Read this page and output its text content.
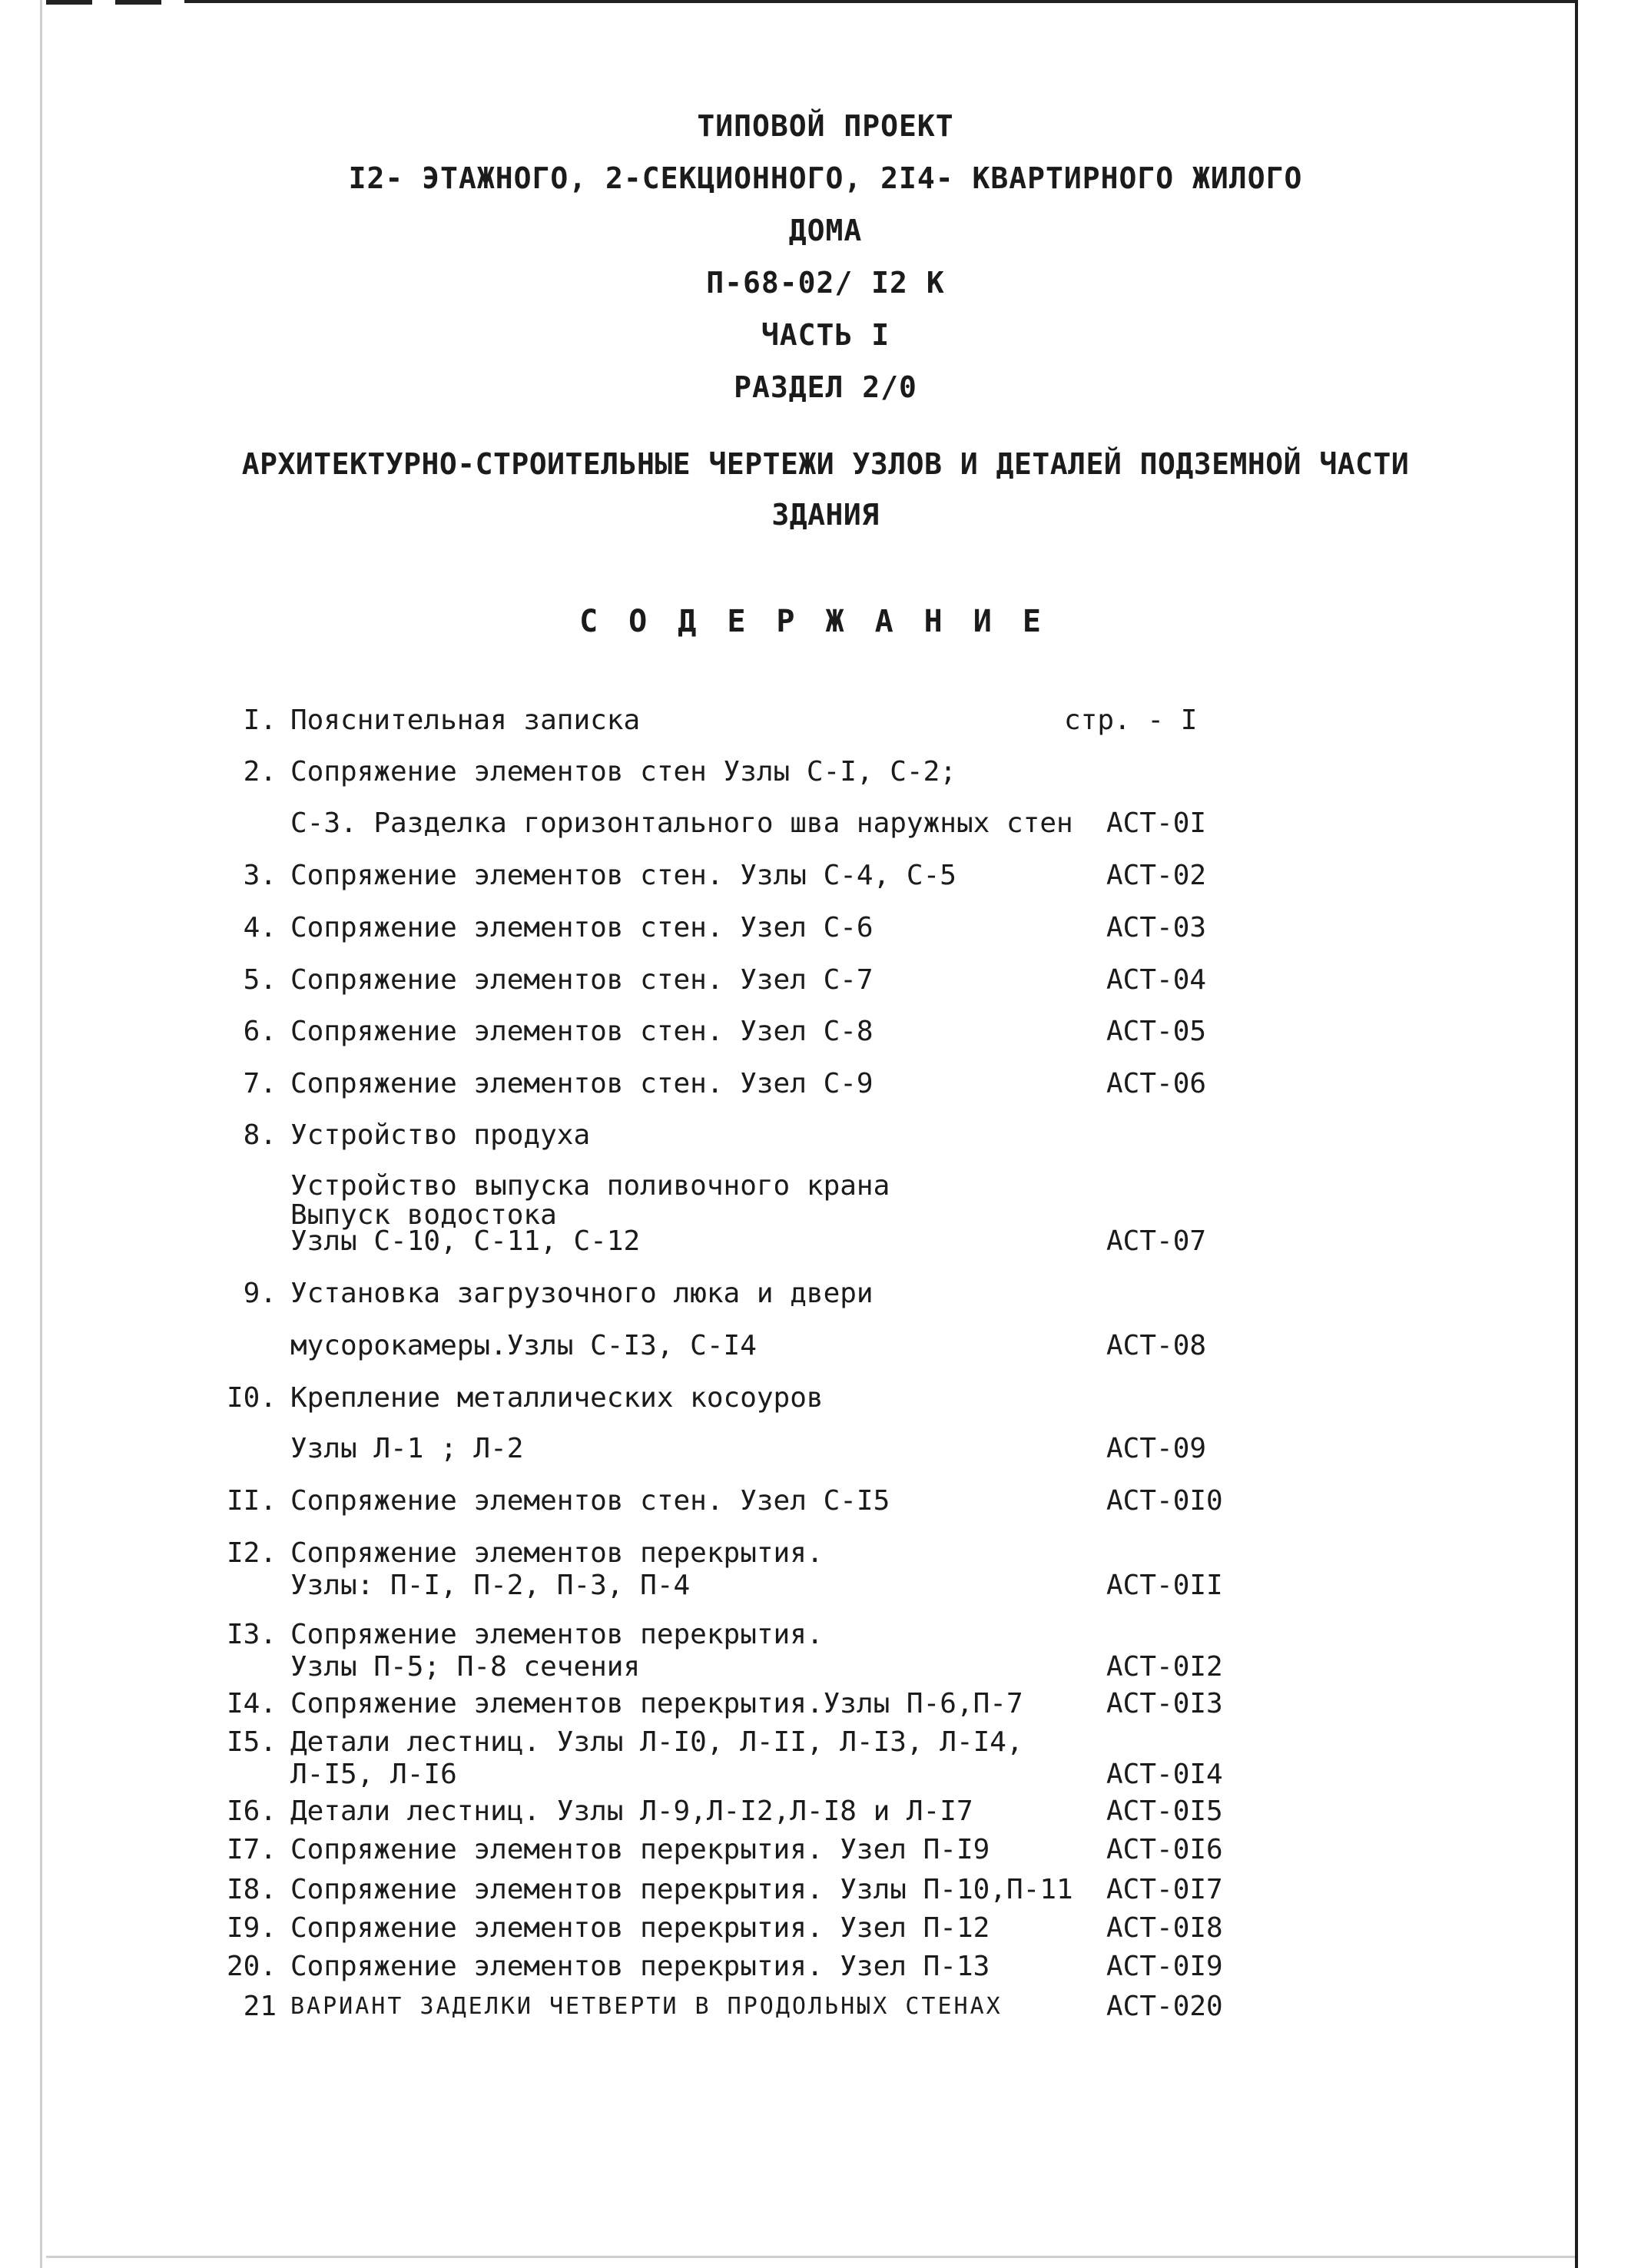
ТИПОВОЙ ПРОЕКТ
I2- ЭТАЖНОГО, 2-СЕКЦИОННОГО, 2I4- КВАРТИРНОГО ЖИЛОГО
ДОМА
П-68-02/ I2 К
ЧАСТЬ I
РАЗДЕЛ 2/0
АРХИТЕКТУРНО-СТРОИТЕЛЬНЫЕ ЧЕРТЕЖИ УЗЛОВ И ДЕТАЛЕЙ ПОДЗЕМНОЙ ЧАСТИ
ЗДАНИЯ
СОДЕРЖАНИЕ
I. Пояснительная записка	стр. - I
2. Сопряжение элементов стен Узлы С-I, С-2;
С-3. Разделка горизонтального шва наружных стен АСТ-0I
3. Сопряжение элементов стен. Узлы С-4, С-5	АСТ-02
4. Сопряжение элементов стен. Узел С-6	АСТ-03
5. Сопряжение элементов стен. Узел С-7	АСТ-04
6. Сопряжение элементов стен. Узел С-8	АСТ-05
7. Сопряжение элементов стен. Узел С-9	АСТ-06
8. Устройство продуха
Устройство выпуска поливочного крана
Выпуск водостока
Узлы С-10, С-11, С-12	АСТ-07
9. Установка загрузочного люка и двери
мусорокамеры.Узлы С-I3, С-I4	АСТ-08
I0. Крепление металлических косоуров
Узлы Л-1 ; Л-2	АСТ-09
II. Сопряжение элементов стен. Узел С-I5	АСТ-0I0
I2. Сопряжение элементов перекрытия.
Узлы: П-I, П-2, П-3, П-4	АСТ-0II
I3. Сопряжение элементов перекрытия.
Узлы П-5; П-8 сечения	АСТ-0I2
I4. Сопряжение элементов перекрытия.Узлы П-6,П-7	АСТ-0I3
I5. Детали лестниц. Узлы Л-I0, Л-II, Л-I3, Л-I4,
Л-I5, Л-I6	АСТ-0I4
I6. Детали лестниц. Узлы Л-9,Л-I2,Л-I8 и Л-I7	АСТ-0I5
I7. Сопряжение элементов перекрытия. Узел П-I9	АСТ-0I6
I8. Сопряжение элементов перекрытия. Узлы П-10,П-11 АСТ-0I7
I9. Сопряжение элементов перекрытия. Узел П-12	АСТ-0I8
20. Сопряжение элементов перекрытия. Узел П-13	АСТ-0I9
21 ВАРИАНТ ЗАДЕЛКИ ЧЕТВЕРТИ В ПРОДОЛЬНЫХ СТЕНАХ	АСТ-020
